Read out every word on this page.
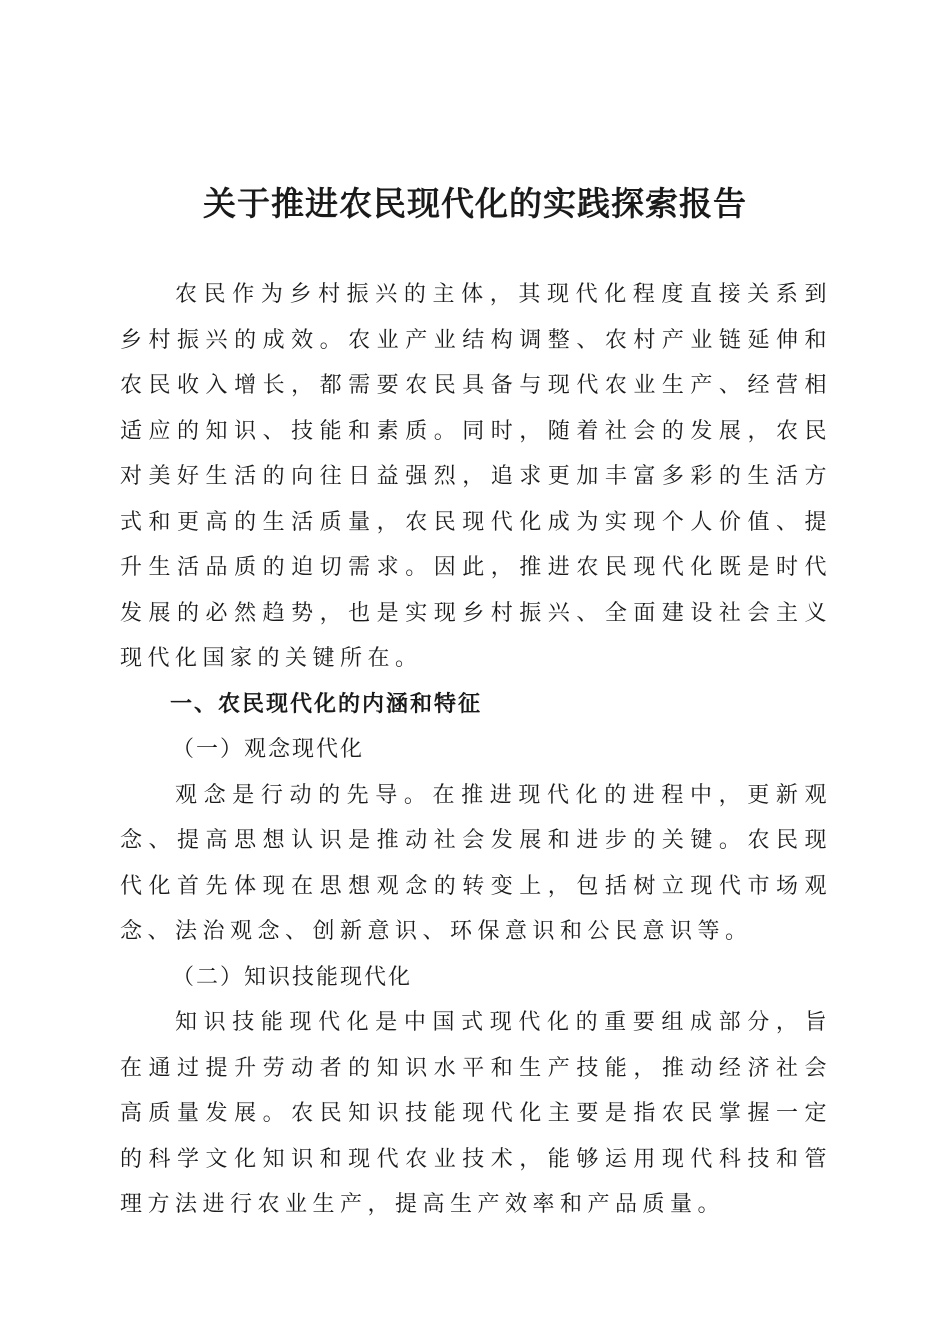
关于推进农民现代化的实践探索报告

农民作为乡村振兴的主体，其现代化程度直接关系到乡村振兴的成效。农业产业结构调整、农村产业链延伸和农民收入增长，都需要农民具备与现代农业生产、经营相适应的知识、技能和素质。同时，随着社会的发展，农民对美好生活的向往日益强烈，追求更加丰富多彩的生活方式和更高的生活质量，农民现代化成为实现个人价值、提升生活品质的迫切需求。因此，推进农民现代化既是时代发展的必然趋势，也是实现乡村振兴、全面建设社会主义现代化国家的关键所在。

一、农民现代化的内涵和特征

（一）观念现代化

观念是行动的先导。在推进现代化的进程中，更新观念、提高思想认识是推动社会发展和进步的关键。农民现代化首先体现在思想观念的转变上，包括树立现代市场观念、法治观念、创新意识、环保意识和公民意识等。

（二）知识技能现代化

知识技能现代化是中国式现代化的重要组成部分，旨在通过提升劳动者的知识水平和生产技能，推动经济社会高质量发展。农民知识技能现代化主要是指农民掌握一定的科学文化知识和现代农业技术，能够运用现代科技和管理方法进行农业生产，提高生产效率和产品质量。
